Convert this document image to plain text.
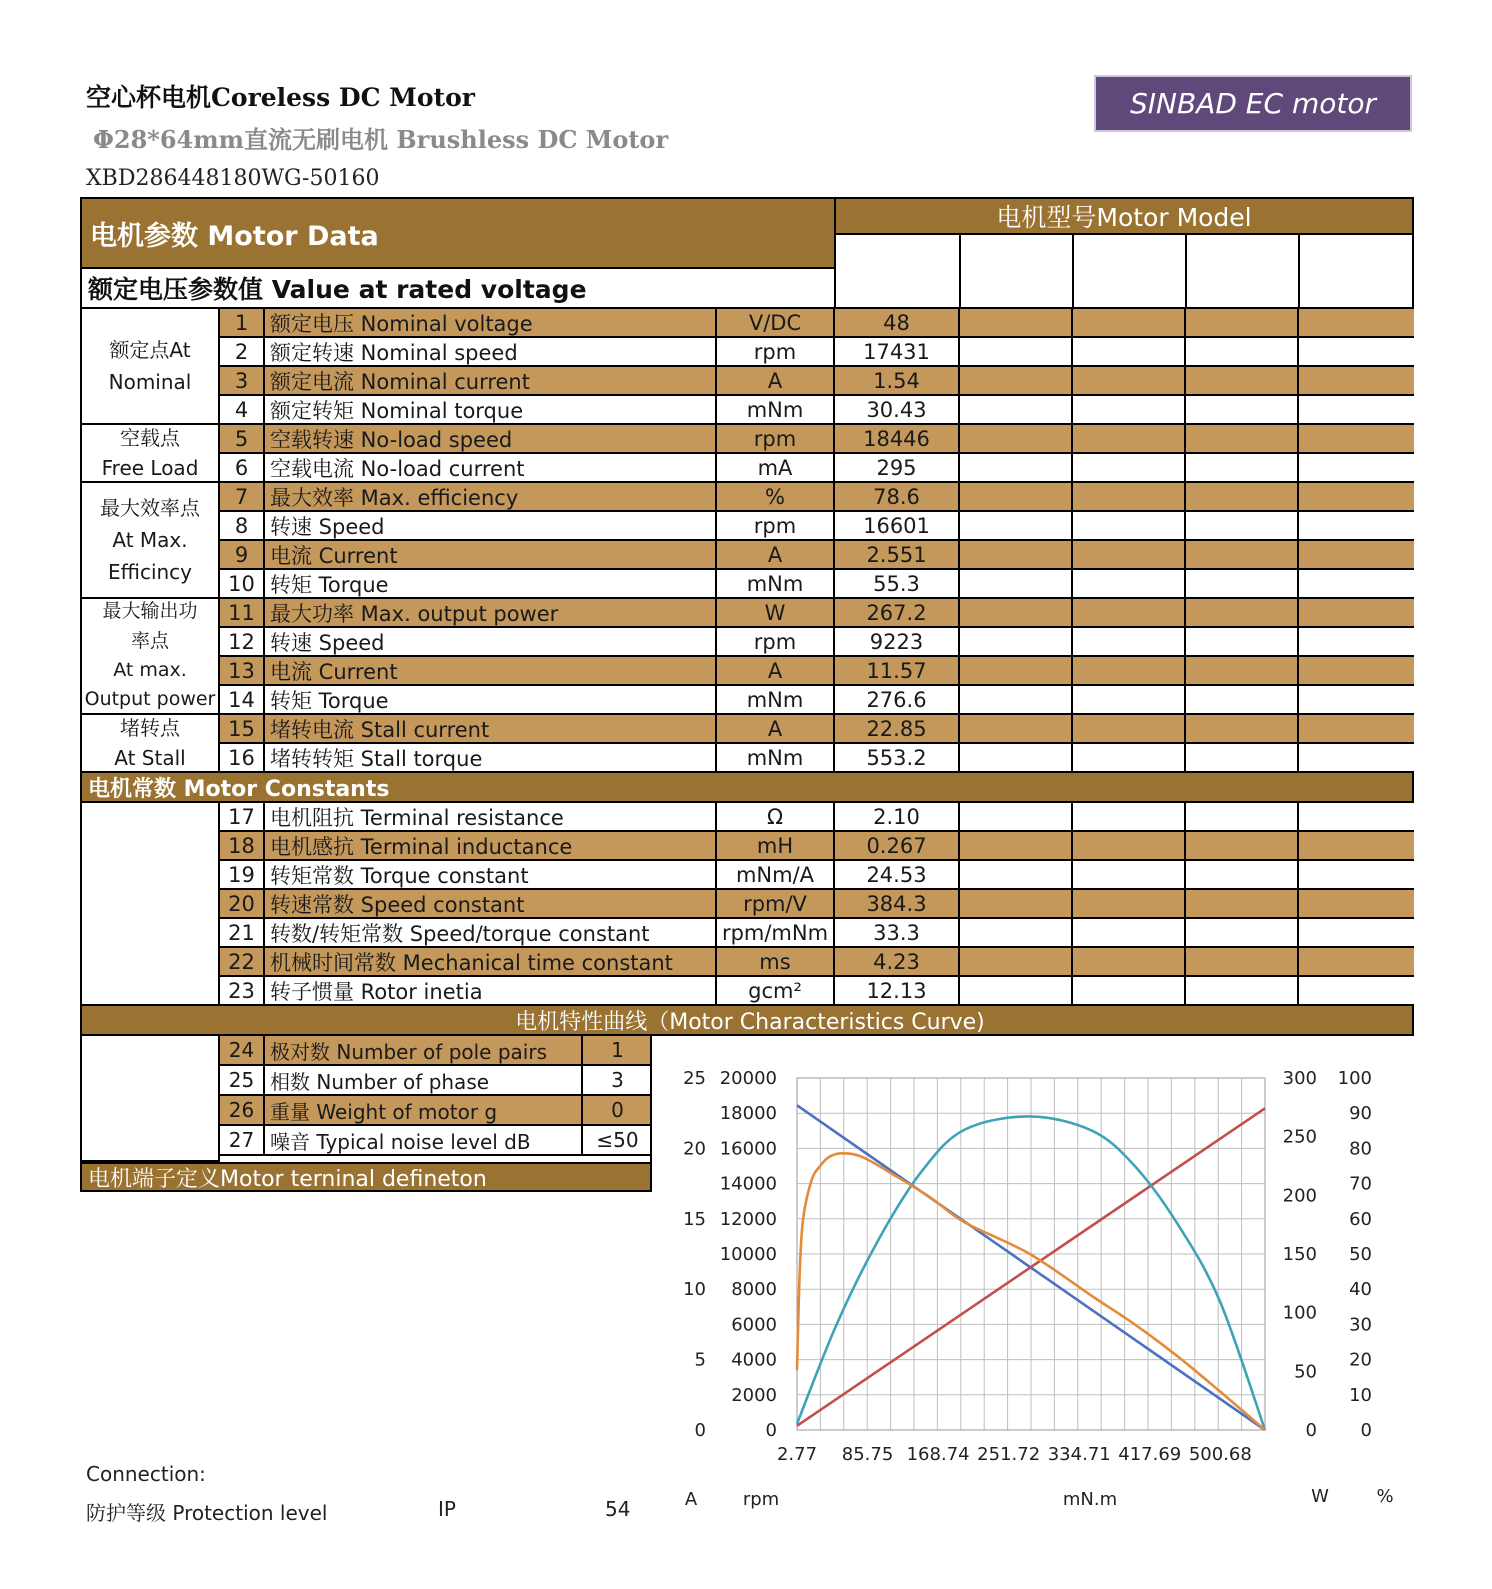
空心杯电机Coreless DC Motor
Φ28*64mm直流无刷电机 Brushless DC Motor
XBD286448180WG-50160
SINBAD EC motor
电机参数 Motor Data
电机型号Motor Model
额定电压参数值 Value at rated voltage
额定点At
Nominal
空载点
Free Load
最大效率点
At Max.
Efficincy
最大输出功
率点
At max.
Output power
堵转点
At Stall
1	额定电压 Nominal voltage	V/DC	48
2	额定转速 Nominal speed	rpm	17431
3	额定电流 Nominal current	A	1.54
4	额定转矩 Nominal torque	mNm	30.43
5	空载转速 No-load speed	rpm	18446
6	空载电流 No-load current	mA	295
7	最大效率 Max. efficiency	%	78.6
8	转速 Speed	rpm	16601
9	电流 Current	A	2.551
10 转矩 Torque	mNm	55.3
11 最大功率 Max. output power	W	267.2
12 转速 Speed	rpm	9223
13 电流 Current	A	11.57
14 转矩 Torque	mNm	276.6
15 堵转电流 Stall current	A	22.85
16 堵转转矩 Stall torque	mNm	553.2
电机常数 Motor Constants
17 电机阻抗 Terminal resistance	Ω	2.10
18 电机感抗 Terminal inductance	mH	0.267
19 转矩常数 Torque constant	mNm/A	24.53
20 转速常数 Speed constant	rpm/V	384.3
21 转数/转矩常数 Speed/torque constant	rpm/mNm	33.3
22 机械时间常数 Mechanical time constant	ms	4.23
23 转子惯量 Rotor inetia	gcm²	12.13
电机特性曲线（Motor Characteristics Curve)
24 极对数 Number of pole pairs	1
25 相数 Number of phase	3
26 重量 Weight of motor g	0
27 噪音 Typical noise level dB	≤50
电机端子定义Motor terninal defineton
2.77 85.75 168.74 251.72 334.71 417.69 500.68
0
5
10
15
20
25
0
2000
4000
6000
8000
10000
12000
14000
16000
18000
20000
0
50
100
150
200
250
300
0
10
20
30
40
50
60
70
80
90
100
A	rpm	mN.m	W	%
Connection:
防护等级 Protection level	IP	54
